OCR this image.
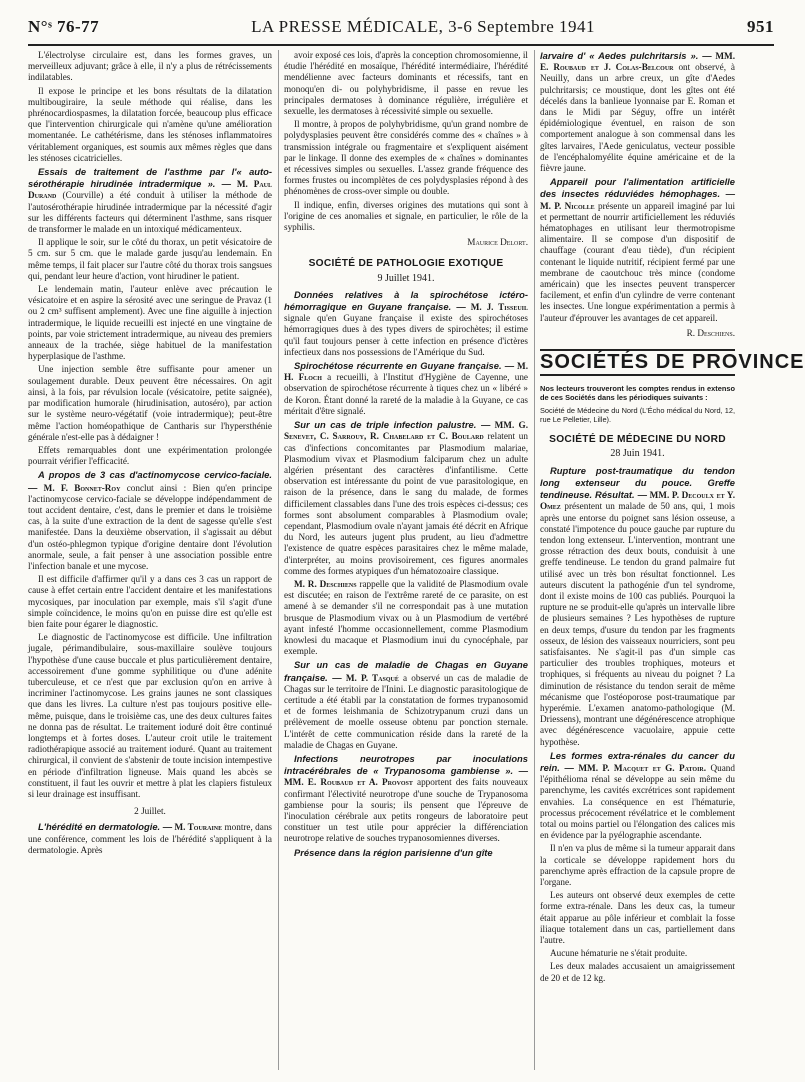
N°ˢ 76-77	LA PRESSE MÉDICALE, 3-6 Septembre 1941	951

L'électrolyse circulaire est, dans les formes graves, un merveilleux adjuvant; grâce à elle, il n'y a plus de rétrécissements indilatables.

Il expose le principe et les bons résultats de la dilatation multibougiraire, la seule méthode qui réalise, dans les phrénocardiospasmes, la dilatation forcée, beaucoup plus efficace que l'intervention chirurgicale qui n'amène qu'une amélioration momentanée. Le cathétérisme, dans les sténoses inflammatoires véritablement organiques, est soumis aux mêmes règles que dans les sténoses cicatricielles.

Essais de traitement de l'asthme par l'« auto-sérothérapie hirudinée intradermique ». — M. Paul Durand (Courville) a été conduit à utiliser la méthode de l'autosérothérapie hirudinée intradermique par la nécessité d'agir sur les différents facteurs qui déterminent l'asthme, sans risquer de transformer le malade en un intoxiqué médicamenteux.

Il applique le soir, sur le côté du thorax, un petit vésicatoire de 5 cm. sur 5 cm. que le malade garde jusqu'au lendemain. En même temps, il fait placer sur l'autre côté du thorax trois sangsues qui, pendant leur heure d'action, vont hirudiner le patient.

Le lendemain matin, l'auteur enlève avec précaution le vésicatoire et en aspire la sérosité avec une seringue de Pravaz (1 ou 2 cm³ suffisent amplement). Avec une fine aiguille à injection intradermique, le liquide recueilli est injecté en une vingtaine de points, par voie strictement intradermique, au niveau des premiers anneaux de la trachée, siège habituel de la manifestation hyperplasique de l'asthme.

Une injection semble être suffisante pour amener un soulagement durable. Deux peuvent être nécessaires. On agit ainsi, à la fois, par révulsion locale (vésicatoire, petite saignée), par modification humorale (hirudinisation, autoséro), par action sur le système neuro-végétatif (voie intradermique); peut-être même l'action homéopathique de Cantharis sur l'hypersthénie générale n'est-elle pas à dédaigner !

Effets remarquables dont une expérimentation prolongée pourrait vérifier l'efficacité.

A propos de 3 cas d'actinomycose cervico-faciale. — M. F. Bonnet-Roy conclut ainsi : Bien qu'en principe l'actinomycose cervico-faciale se développe indépendamment de tout accident dentaire, c'est, dans le premier et dans le troisième cas, à la suite d'une extraction de la dent de sagesse qu'elle s'est manifestée. Dans la deuxième observation, il s'agissait au début d'un ostéo-phlegmon typique d'origine dentaire dont l'évolution anormale, seule, a fait penser à une association possible entre l'infection banale et une mycose.

Il est difficile d'affirmer qu'il y a dans ces 3 cas un rapport de cause à effet certain entre l'accident dentaire et les manifestations mycosiques, par inoculation par exemple, mais s'il s'agit d'une simple coïncidence, le moins qu'on en puisse dire est qu'elle est bien faite pour égarer le diagnostic.

Le diagnostic de l'actinomycose est difficile. Une infiltration jugale, périmandibulaire, sous-maxillaire soulève toujours l'hypothèse d'une cause buccale et plus particulièrement dentaire, accessoirement d'une gomme syphilitique ou d'une adénite tuberculeuse, et ce n'est que par exclusion qu'on en arrive à incriminer l'actinomycose. Les grains jaunes ne sont classiques que dans les livres. La culture n'est pas toujours positive elle-même, puisque, dans le troisième cas, une des deux cultures faites ne donna pas de résultat. Le traitement ioduré doit être continué longtemps et à fortes doses. L'auteur croit utile le traitement radiothérapique associé au traitement ioduré. Quant au traitement chirurgical, il convient de s'abstenir de toute incision intempestive en période d'infiltration ligneuse. Mais quand les abcès se constituent, il faut les ouvrir et mettre à plat les clapiers fistuleux si leur drainage est insuffisant.

2 Juillet.

L'hérédité en dermatologie. — M. Touraine montre, dans une conférence, comment les lois de l'hérédité s'appliquent à la dermatologie. Après

avoir exposé ces lois, d'après la conception chromosomienne, il étudie l'hérédité en mosaïque, l'hérédité intermédiaire, l'hérédité mendélienne avec facteurs dominants et récessifs, tant en monoqu'en di- ou polyhybridisme, il passe en revue les principales dermatoses à dominance régulière, irrégulière et sexuelle, les dermatoses à récessivité simple ou sexuelle.

Il montre, à propos de polyhybridisme, qu'un grand nombre de polydysplasies peuvent être considérés comme des « chaînes » à transmission intégrale ou fragmentaire et s'expliquent aisément par le linkage. Il donne des exemples de « chaînes » dominantes et récessives simples ou sexuelles. L'assez grande fréquence des formes frustes ou incomplètes de ces polydysplasies répond à des phénomènes de cross-over simple ou double.

Il indique, enfin, diverses origines des mutations qui sont à l'origine de ces anomalies et signale, en particulier, le rôle de la syphilis.

Maurice Delort.
SOCIÉTÉ DE PATHOLOGIE EXOTIQUE
9 Juillet 1941.

Données relatives à la spirochétose ictéro-hémorragique en Guyane française. — M. J. Tisseuil signale qu'en Guyane française il existe des spirochétoses hémorragiques dues à des types divers de spirochètes; il estime qu'il faut toujours penser à cette infection en présence d'ictères infectieux dans nos possessions de l'Amérique du Sud.

Spirochétose récurrente en Guyane française. — M. H. Floch a recueilli, à l'Institut d'Hygiène de Cayenne, une observation de spirochétose récurrente à tiques chez un « libéré » de Koron. Étant donné la rareté de la maladie à la Guyane, ce cas méritait d'être signalé.

Sur un cas de triple infection palustre. — MM. G. Senevet, C. Sarrouy, R. Chabelard et C. Boulard relatent un cas d'infections concomitantes par Plasmodium malariae, Plasmodium vivax et Plasmodium falciparum chez un adulte algérien présentant des caractères d'infantilisme. Cette observation est intéressante du point de vue parasitologique, en raison de la présence, dans le sang du malade, de formes difficilement classables dans l'une des trois espèces ci-dessus; ces formes sont absolument comparables à Plasmodium ovale; cependant, Plasmodium ovale n'ayant jamais été décrit en Afrique du Nord, les auteurs jugent plus prudent, au lieu d'admettre l'existence de quatre espèces parasitaires chez le même malade, d'interpréter, au moins provisoirement, ces figures anormales comme des formes atypiques d'un hématozoaire classique.

M. R. Deschiens rappelle que la validité de Plasmodium ovale est discutée; en raison de l'extrême rareté de ce parasite, on est amené à se demander s'il ne correspondait pas à une mutation brusque de Plasmodium vivax ou à un Plasmodium de vertébré ayant infesté l'homme occasionnellement, comme Plasmodium knowlesi du macaque et Plasmodium inui du cynocéphale, par exemple.

Sur un cas de maladie de Chagas en Guyane française. — M. P. Tasqué a observé un cas de maladie de Chagas sur le territoire de l'Inini. Le diagnostic parasitologique de certitude a été établi par la constatation de formes trypanosomid et de formes leishmania de Schizotrypanum cruzi dans un prélèvement de moelle osseuse obtenu par ponction sternale. L'intérêt de cette communication réside dans la rareté de la maladie de Chagas en Guyane.

Infections neurotropes par inoculations intracérébrales de « Trypanosoma gambiense ». — MM. E. Roubaud et A. Provost apportent des faits nouveaux confirmant l'électivité neurotrope d'une souche de Trypanosoma gambiense pour la souris; ils pensent que l'épreuve de l'inoculation cérébrale aux petits rongeurs de laboratoire peut constituer un test utile pour apprécier la différenciation neurotrope relative de souches trypanosomiennes diverses.

Présence dans la région parisienne d'un gîte

larvaire d' « Aedes pulchritarsis ». — MM. E. Roubaud et J. Colas-Belcour ont observé, à Neuilly, dans un arbre creux, un gîte d'Aedes pulchritarsis; ce moustique, dont les gîtes ont été décelés dans la banlieue lyonnaise par E. Roman et dans le Midi par Séguy, offre un intérêt épidémiologique éventuel, en raison de son comportement analogue à son commensal dans les gîtes larvaires, l'Aede geniculatus, vecteur possible de l'encéphalomyélite équine américaine et de la fièvre jaune.

Appareil pour l'alimentation artificielle des insectes réduviédes hémophages. — M. P. Nicolle présente un appareil imaginé par lui et permettant de nourrir artificiellement les réduviés hématophages en utilisant leur thermotropisme alimentaire. Il se compose d'un dispositif de chauffage (courant d'eau tiède), d'un récipient contenant le liquide nutritif, récipient fermé par une membrane de caoutchouc très mince (condome américain) que les insectes peuvent transpercer facilement, et enfin d'un cylindre de verre contenant les insectes. Une longue expérimentation a permis à l'auteur d'éprouver les avantages de cet appareil.

R. Deschiens.
SOCIÉTÉS DE PROVINCE
Nos lecteurs trouveront les comptes rendus in extenso de ces Sociétés dans les périodiques suivants :
Société de Médecine du Nord (L'Écho médical du Nord, 12, rue Le Pelletier, Lille).
SOCIÉTÉ DE MÉDECINE DU NORD
28 Juin 1941.

Rupture post-traumatique du tendon long extenseur du pouce. Greffe tendineuse. Résultat. — MM. P. Decoulx et Y. Omez présentent un malade de 50 ans, qui, 1 mois après une entorse du poignet sans lésion osseuse, a constaté l'impotence du pouce gauche par rupture du tendon long extenseur. L'intervention, montrant une grosse rétraction des deux bouts, conduisit à une greffe tendineuse. Le tendon du grand palmaire fut utilisé avec un très bon résultat fonctionnel. Les auteurs discutent la pathogénie d'un tel syndrome, dont il existe moins de 100 cas publiés. Pourquoi la rupture ne se produit-elle qu'après un intervalle libre de plusieurs semaines ? Les hypothèses de rupture en deux temps, d'usure du tendon par les fragments osseux, de lésion des vaisseaux nourriciers, sont peu satisfaisantes. Ne s'agit-il pas d'un simple cas particulier des troubles trophiques, moteurs et trophiques, si fréquents au niveau du poignet ? La diminution de résistance du tendon serait de même mécanisme que l'ostéoporose post-traumatique par hyperémie. L'examen anatomo-pathologique (M. Driessens), montrant une dégénérescence atrophique avec dégénérescence vacuolaire, appuie cette hypothèse.

Les formes extra-rénales du cancer du rein. — MM. P. Macquet et G. Patoir. Quand l'épithélioma rénal se développe au sein même du parenchyme, les cavités excrétrices sont rapidement envahies. La conséquence en est l'hématurie, processus précocement révélatrice et le comblement total ou moins partiel ou l'élongation des calices mis en évidence par la pyélographie ascendante.

Il n'en va plus de même si la tumeur apparait dans la corticale se développe rapidement hors du parenchyme après effraction de la capsule propre de l'organe.

Les auteurs ont observé deux exemples de cette forme extra-rénale. Dans les deux cas, la tumeur était apparue au pôle inférieur et comblait la fosse iliaque totalement dans un cas, partiellement dans l'autre.

Aucune hématurie ne s'était produite.

Les deux malades accusaient un amaigrissement de 20 et de 12 kg.
